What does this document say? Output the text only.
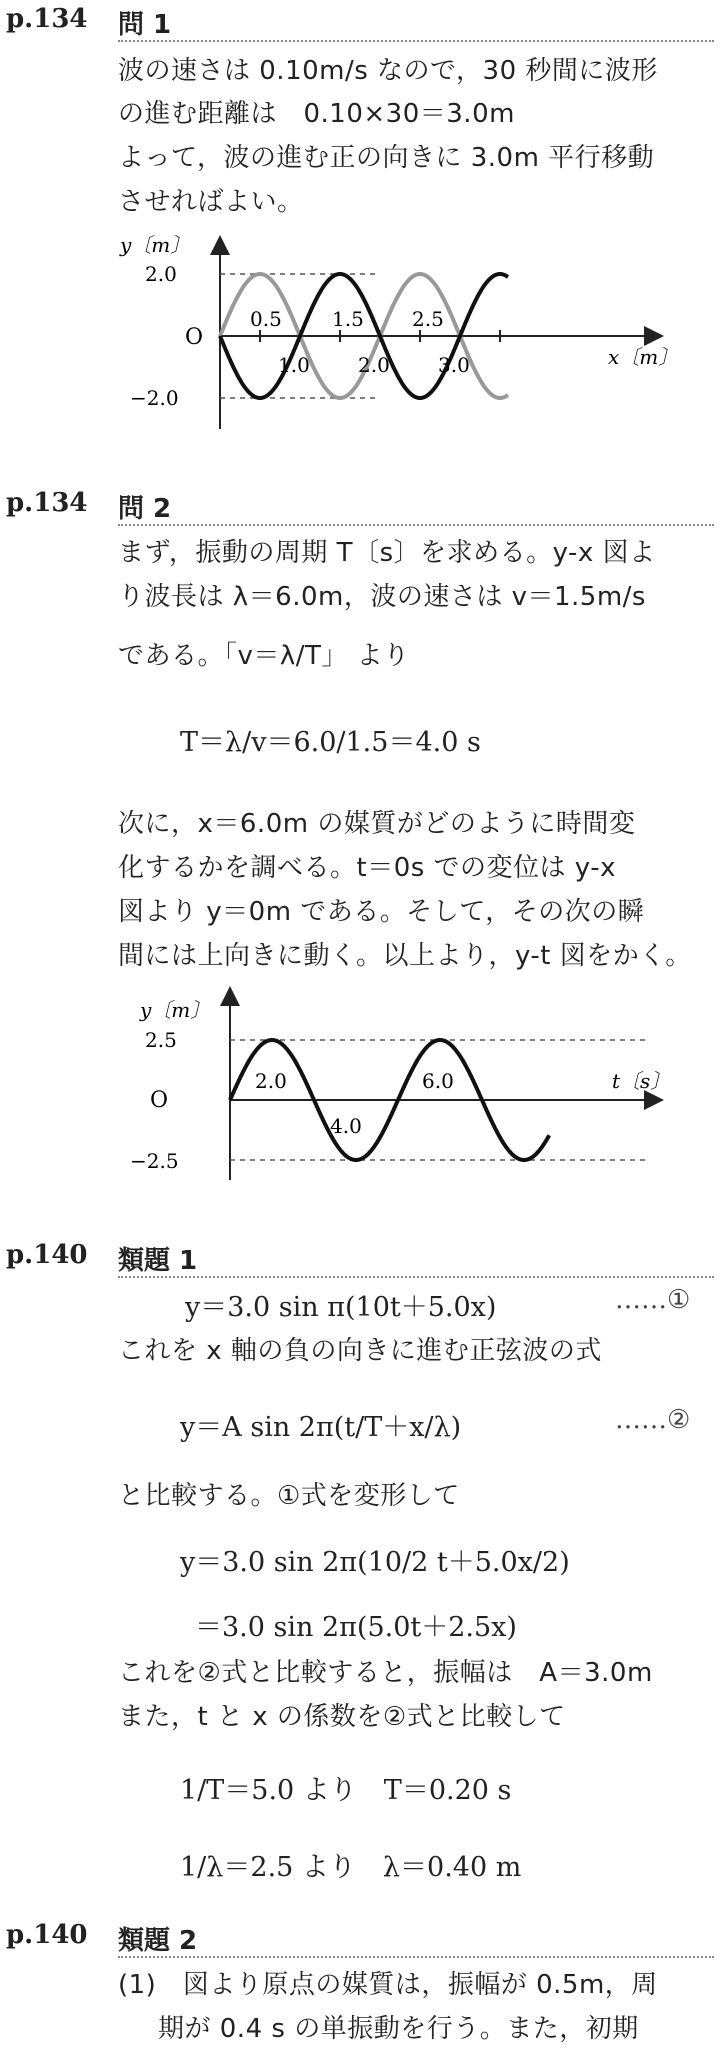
p.134 問 1
波の速さは 0.10m/s なので，30 秒間に波形
の進む距離は　0.10×30＝3.0m
よって，波の進む正の向きに 3.0m 平行移動
させればよい。
y〔m〕
2.0
O
−2.0
x〔m〕
0.5	1.5 2.5
1.0 2.0 3.0
p.134 問 2
まず，振動の周期 T〔s〕を求める。y-x 図よ
り波長は λ＝6.0m，波の速さは v＝1.5m/s
である。「v＝λ/T」 より
T＝λ/v＝6.0/1.5＝4.0 s
次に，x＝6.0m の媒質がどのように時間変
化するかを調べる。t＝0s での変位は y-x
図より y＝0m である。そして，その次の瞬
間には上向きに動く。以上より，y-t 図をかく。
y〔m〕
2.5
O
−2.5
t〔s〕
2.0
4.0
6.0
p.140 類題 1
y＝3.0 sin π(10t＋5.0x)	……①
これを x 軸の負の向きに進む正弦波の式
y＝A sin 2π(t/T＋x/λ)	……②
と比較する。①式を変形して
y＝3.0 sin 2π(10/2 t＋5.0x/2)
＝3.0 sin 2π(5.0t＋2.5x)
これを②式と比較すると，振幅は　A＝3.0m
また，t と x の係数を②式と比較して
1/T＝5.0 より　T＝0.20 s
1/λ＝2.5 より　λ＝0.40 m
p.140 類題 2
(1)　図より原点の媒質は，振幅が 0.5m，周
期が 0.4 s の単振動を行う。また，初期
